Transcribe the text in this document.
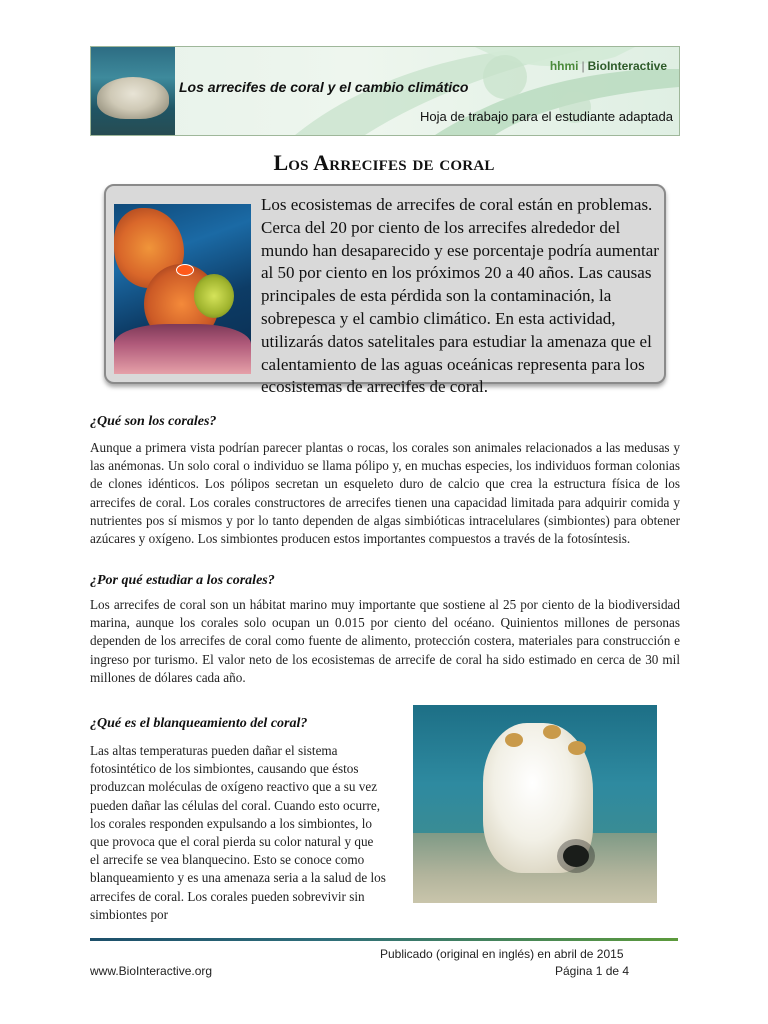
hhmi | BioInteractive
Los arrecifes de coral y el cambio climático
Hoja de trabajo para el estudiante adaptada
Los Arrecifes de coral
Los ecosistemas de arrecifes de coral están en problemas. Cerca del 20 por ciento de los arrecifes alrededor del mundo han desaparecido y ese porcentaje podría aumentar al 50 por ciento en los próximos 20 a 40 años. Las causas principales de esta pérdida son la contaminación, la sobrepesca y el cambio climático. En esta actividad, utilizarás datos satelitales para estudiar la amenaza que el calentamiento de las aguas oceánicas representa para los ecosistemas de arrecifes de coral.
¿Qué son los corales?
Aunque a primera vista podrían parecer plantas o rocas, los corales son animales relacionados a las medusas y las anémonas. Un solo coral o individuo se llama pólipo y, en muchas especies, los individuos forman colonias de clones idénticos. Los pólipos secretan un esqueleto duro de calcio que crea la estructura física de los arrecifes de coral. Los corales constructores de arrecifes tienen una capacidad limitada para adquirir comida y nutrientes pos sí mismos y por lo tanto dependen de algas simbióticas intracelulares (simbiontes) para obtener azúcares y oxígeno. Los simbiontes producen estos importantes compuestos a través de la fotosíntesis.
¿Por qué estudiar a los corales?
Los arrecifes de coral son un hábitat marino muy importante que sostiene al 25 por ciento de la biodiversidad marina, aunque los corales solo ocupan un 0.015 por ciento del océano. Quinientos millones de personas dependen de los arrecifes de coral como fuente de alimento, protección costera, materiales para construcción e ingreso por turismo. El valor neto de los ecosistemas de arrecife de coral ha sido estimado en cerca de 30 mil millones de dólares cada año.
¿Qué es el blanqueamiento del coral?
Las altas temperaturas pueden dañar el sistema fotosintético de los simbiontes, causando que éstos produzcan moléculas de oxígeno reactivo que a su vez pueden dañar las células del coral. Cuando esto ocurre, los corales responden expulsando a los simbiontes, lo que provoca que el coral pierda su color natural y que el arrecife se vea blanquecino. Esto se conoce como blanqueamiento y es una amenaza seria a la salud de los arrecifes de coral. Los corales pueden sobrevivir sin simbiontes por
Publicado (original en inglés) en abril de 2015
www.BioInteractive.org	Página 1 de 4
